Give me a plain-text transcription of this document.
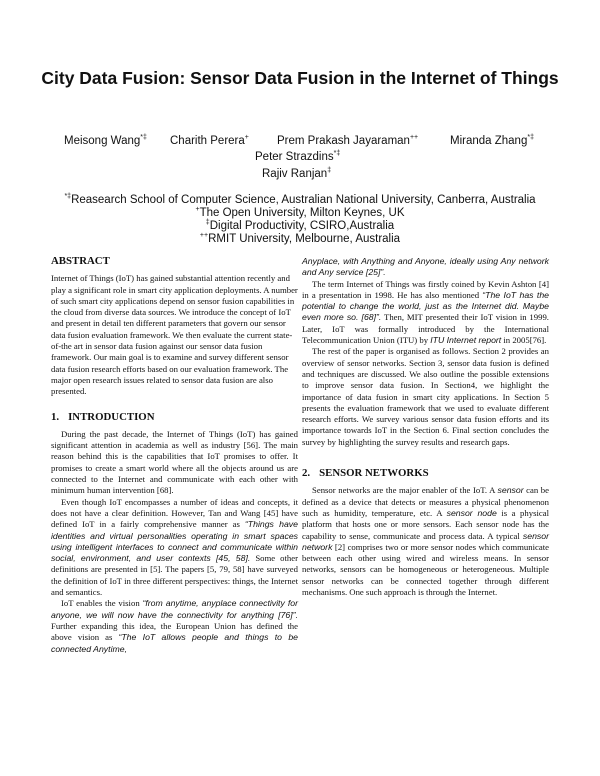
City Data Fusion: Sensor Data Fusion in the Internet of Things
Meisong Wang*‡ Charith Perera+ Prem Prakash Jayaraman++	Miranda Zhang*‡
Peter Strazdins*‡
Rajiv Ranjan‡
*‡Reasearch School of Computer Science, Australian National University, Canberra, Australia
+The Open University, Milton Keynes, UK
‡Digital Productivity, CSIRO,Australia
++RMIT University, Melbourne, Australia
ABSTRACT

Internet of Things (IoT) has gained substantial attention recently and play a significant role in smart city application deployments. A number of such smart city applications depend on sensor fusion capabilities in the cloud from diverse data sources. We introduce the concept of IoT and present in detail ten different parameters that govern our sensor data fusion evaluation framework. We then evaluate the current state-of-the art in sensor data fusion against our sensor data fusion framework. Our main goal is to examine and survey different sensor data fusion research efforts based on our evaluation framework. The major open research issues related to sensor data fusion are also presented.

1. INTRODUCTION

During the past decade, the Internet of Things (IoT) has gained significant attention in academia as well as industry [56]. The main reason behind this is the capabilities that IoT promises to offer. It promises to create a smart world where all the objects around us are connected to the Internet and communicate with each other with minimum human intervention [68].

Even though IoT encompasses a number of ideas and concepts, it does not have a clear definition. However, Tan and Wang [45] have defined IoT in a fairly comprehensive manner as “Things have identities and virtual personalities operating in smart spaces using intelligent interfaces to connect and communicate within social, environment, and user contexts [45, 58]. Some other definitions are presented in [5]. The papers [5, 79, 58] have surveyed the definition of IoT in three different perspectives: things, the Internet and semantics.

IoT enables the vision “from anytime, anyplace connectivity for anyone, we will now have the connectivity for anything [76]”. Further expanding this idea, the European Union has defined the above vision as “The IoT allows people and things to be connected Anytime,

Anyplace, with Anything and Anyone, ideally using Any network and Any service [25]”.

The term Internet of Things was firstly coined by Kevin Ashton [4] in a presentation in 1998. He has also mentioned “The IoT has the potential to change the world, just as the Internet did. Maybe even more so. [68]”. Then, MIT presented their IoT vision in 1999. Later, IoT was formally introduced by the International Telecommunication Union (ITU) by ITU Internet report in 2005[76].

The rest of the paper is organised as follows. Section 2 provides an overview of sensor networks. Section 3, sensor data fusion is defined and techniques are discussed. We also outline the possible extensions to improve sensor data fusion. In Section4, we highlight the importance of data fusion in smart city applications. In Section 5 presents the evaluation framework that we used to evaluate different research efforts. We survey various sensor data fusion efforts and its importance towards IoT in the Section 6. Final section concludes the survey by highlighting the survey results and research gaps.

2. SENSOR NETWORKS

Sensor networks are the major enabler of the IoT. A sensor can be defined as a device that detects or measures a physical phenomenon such as humidity, temperature, etc. A sensor node is a physical platform that hosts one or more sensors. Each sensor node has the capability to sense, communicate and process data. A typical sensor network [2] comprises two or more sensor nodes which communicate between each other using wired and wireless means. In sensor networks, sensors can be homogeneous or heterogeneous. Multiple sensor networks can be connected together through different mechanisms. One such approach is through the Internet.
